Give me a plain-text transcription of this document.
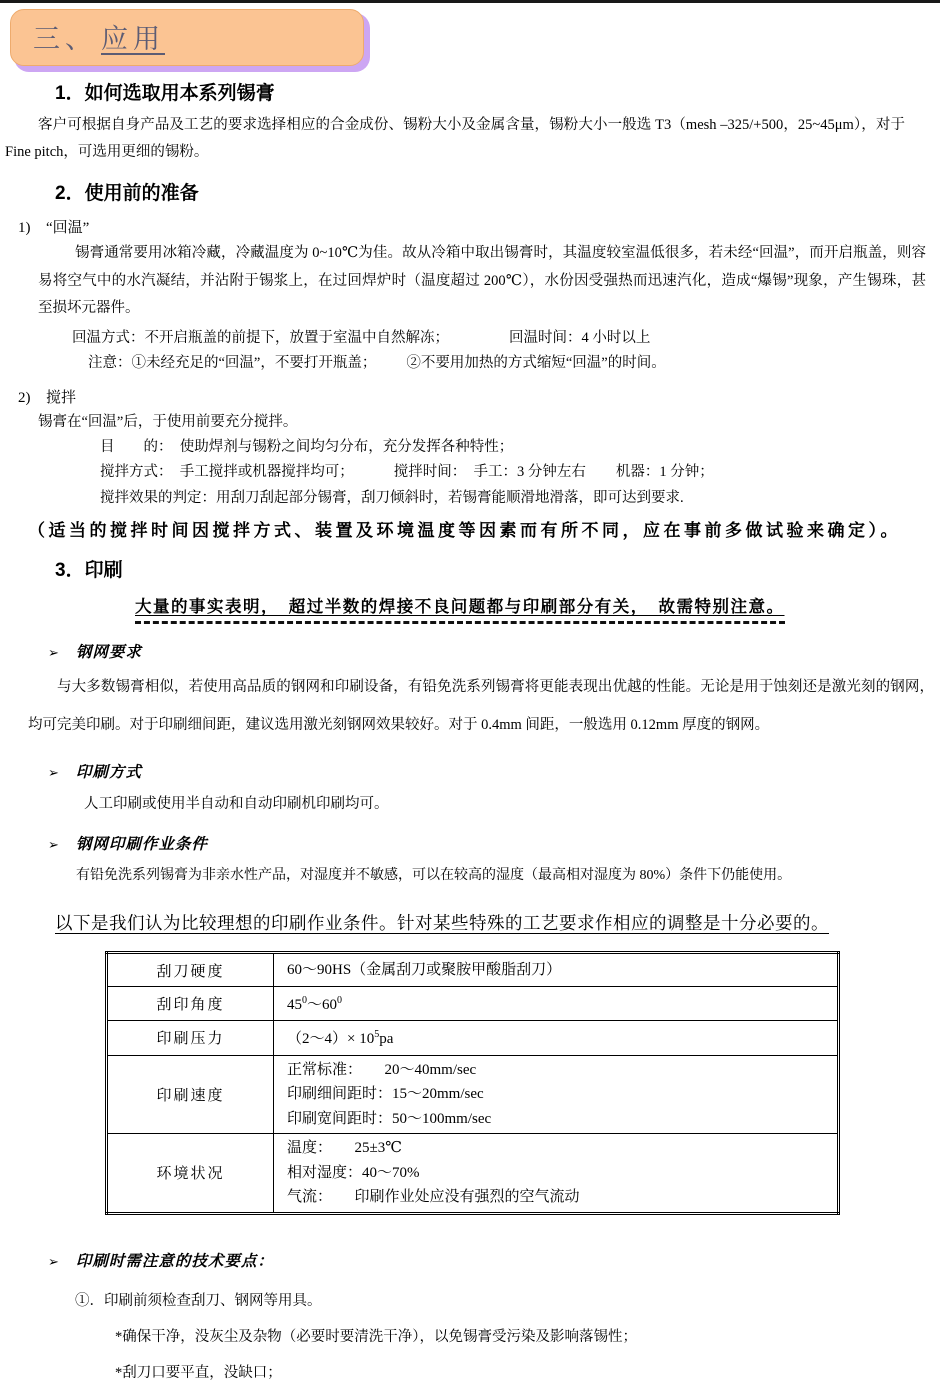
三、 应用
1．如何选取用本系列锡膏
客户可根据自身产品及工艺的要求选择相应的合金成份、锡粉大小及金属含量，锡粉大小一般选 T3（mesh –325/+500，25~45μm），对于 Fine pitch，可选用更细的锡粉。
2．使用前的准备
1) “回温”
锡膏通常要用冰箱冷藏，冷藏温度为 0~10℃为佳。故从冷箱中取出锡膏时，其温度较室温低很多，若未经“回温”，而开启瓶盖，则容易将空气中的水汽凝结，并沾附于锡浆上，在过回焊炉时（温度超过 200℃），水份因受强热而迅速汽化，造成“爆锡”现象，产生锡珠，甚至损坏元器件。
回温方式：不开启瓶盖的前提下，放置于室温中自然解冻；	回温时间：4 小时以上
注意：①未经充足的“回温”，不要打开瓶盖； ②不要用加热的方式缩短“回温”的时间。
2) 搅拌
锡膏在“回温”后，于使用前要充分搅拌。
目　　的：　使助焊剂与锡粉之间均匀分布，充分发挥各种特性；
搅拌方式：　手工搅拌或机器搅拌均可；	搅拌时间：　手工：3 分钟左右 机器：1 分钟；
搅拌效果的判定：用刮刀刮起部分锡膏，刮刀倾斜时，若锡膏能顺滑地滑落，即可达到要求.
（适当的搅拌时间因搅拌方式、装置及环境温度等因素而有所不同，应在事前多做试验来确定）。
3．印刷
大量的事实表明，　超过半数的焊接不良问题都与印刷部分有关，　故需特别注意。
➢ 钢网要求
与大多数锡膏相似，若使用高品质的钢网和印刷设备，有铅免洗系列锡膏将更能表现出优越的性能。无论是用于蚀刻还是激光刻的钢网，均可完美印刷。对于印刷细间距，建议选用激光刻钢网效果较好。对于 0.4mm 间距，一般选用 0.12mm 厚度的钢网。
➢ 印刷方式
人工印刷或使用半自动和自动印刷机印刷均可。
➢ 钢网印刷作业条件
有铅免洗系列锡膏为非亲水性产品，对湿度并不敏感，可以在较高的湿度（最高相对湿度为 80%）条件下仍能使用。
以下是我们认为比较理想的印刷作业条件。针对某些特殊的工艺要求作相应的调整是十分必要的。
刮刀硬度	60～90HS（金属刮刀或聚胺甲酸脂刮刀）
刮印角度	$45^0\sim 60^0$
印刷压力	（2～4）× $10^5pa$
印刷速度	正常标准：　　20～40mm/sec
印刷细间距时：15～20mm/sec
印刷宽间距时：50～100mm/sec

环境状况	温度：　　25±3℃
相对湿度：40～70%
气流：　　印刷作业处应没有强烈的空气流动
➢ 印刷时需注意的技术要点：
①．印刷前须检查刮刀、钢网等用具。
*确保干净，没灰尘及杂物（必要时要清洗干净），以免锡膏受污染及影响落锡性；
*刮刀口要平直，没缺口；
